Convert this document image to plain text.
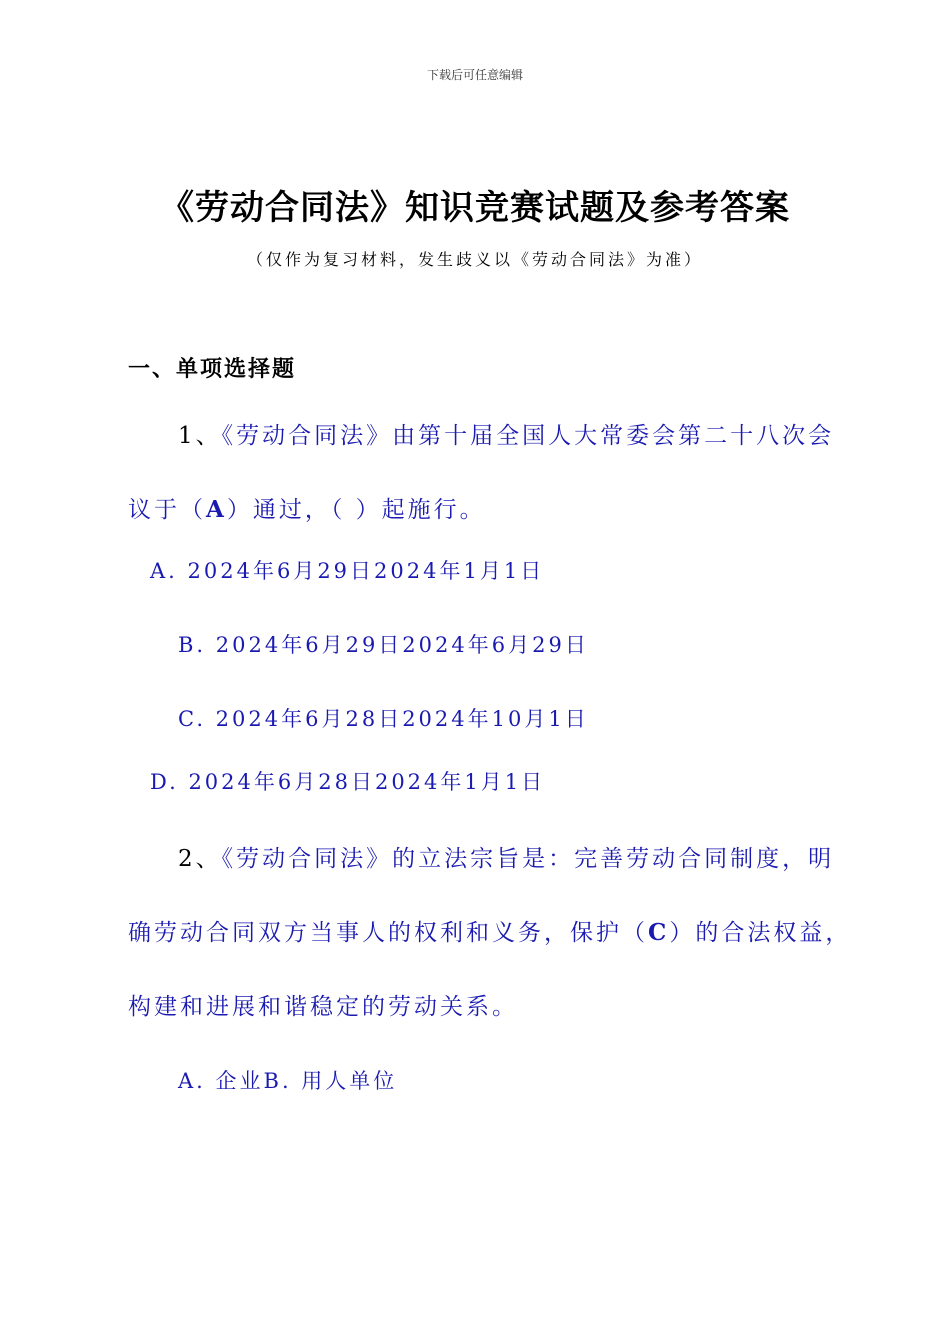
下载后可任意编辑
《劳动合同法》知识竞赛试题及参考答案
（仅作为复习材料，发生歧义以《劳动合同法》为准）
一、单项选择题
1、《劳动合同法》由第十届全国人大常委会第二十八次会
议于（A）通过，（ ）起施行。
A. 2024年6月29日2024年1月1日
B. 2024年6月29日2024年6月29日
C. 2024年6月28日2024年10月1日
D. 2024年6月28日2024年1月1日
2、《劳动合同法》的立法宗旨是：完善劳动合同制度，明
确劳动合同双方当事人的权利和义务，保护（C）的合法权益，
构建和进展和谐稳定的劳动关系。
A. 企业B. 用人单位
